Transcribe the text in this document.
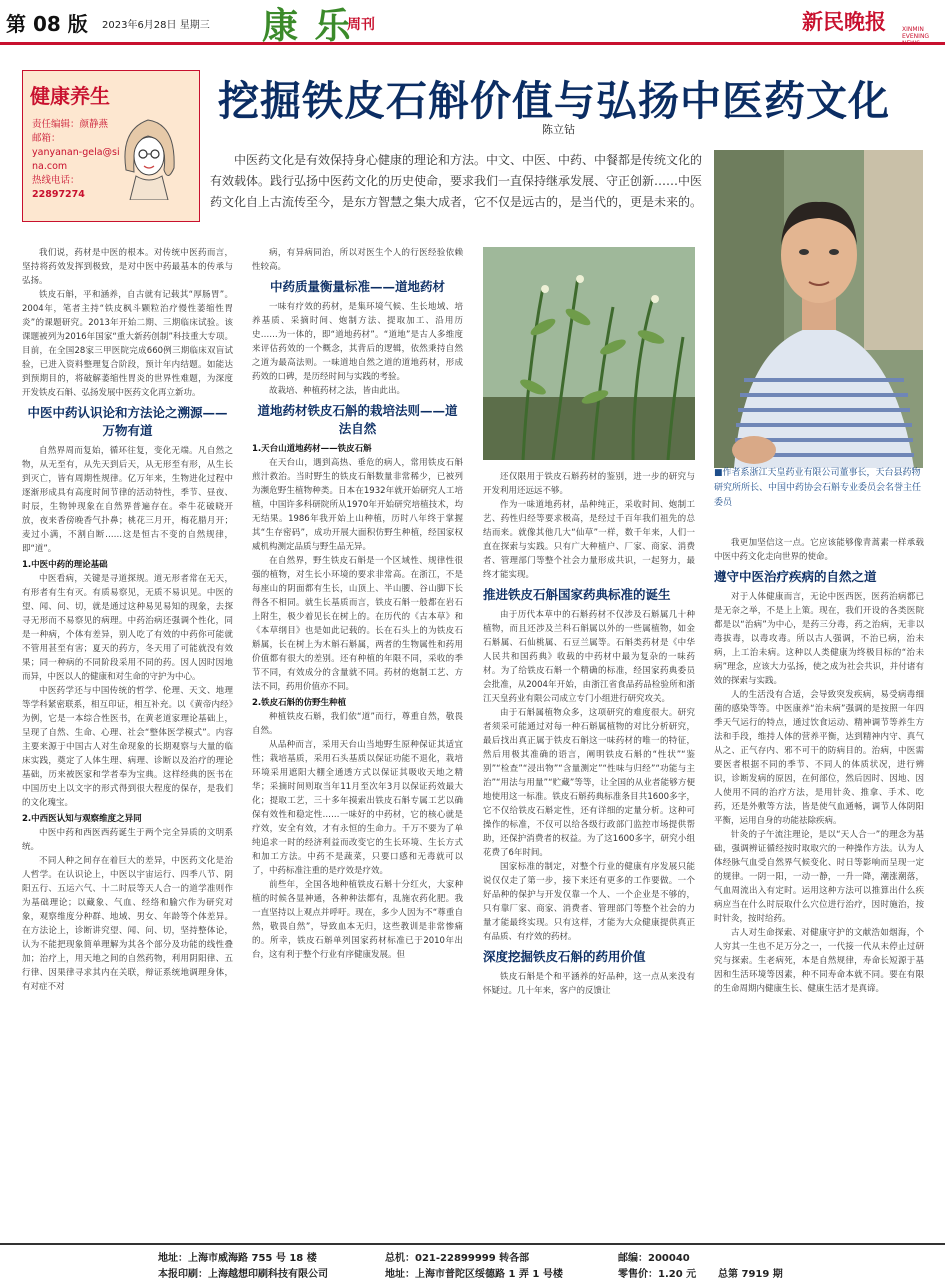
第 08 版 2023年6月28日 星期三 康 乐
周刊	新民晚报	XINMIN EVENING NEWS
健康养生
责任编辑：颜静燕
邮箱：
yanyanan-gela@sina.com
热线电话：
22897274
挖掘铁皮石斛价值与弘扬中医药文化
陈立钻
中医药文化是有效保持身心健康的理论和方法。中文、中医、中药、中餐都是传统文化的有效载体。践行弘扬中医药文化的历史使命，要求我们一直保持继承发展、守正创新……中医药文化自上古流传至今，是东方智慧之集大成者，它不仅是远古的，是当代的，更是未来的。
■作者系浙江天皇药业有限公司董事长，天台县药物研究所所长、中国中药协会石斛专业委员会名誉主任委员

我们说，药材是中医的根本。对传统中医药而言，坚持将药效发挥到极致，是对中医中药最基本的传承与弘扬。

铁皮石斛，平和涵养，自古就有记载其“厚肠胃”。2004年，笔者主持“铁皮枫斗颗粒治疗慢性萎缩性胃炎”的课题研究。2013年开始二期、三期临床试验。该课题被列为2016年国家“重大新药创制”科技重大专项。目前，在全国28家三甲医院完成660例三期临床双盲试验，已进入资料整理复合阶段，预计年内结题。如能达到预期目的，将破解萎缩性胃炎的世界性难题，为深度开发铁皮石斛、弘扬发展中医药文化再立新功。

中医中药认识论和方法论之溯源——万物有道

自然界周而复始，循环往复，变化无端。凡自然之物，从无至有，从先天到后天，从无形至有形，从生长到灭亡，皆有周期性规律。亿万年来，生物进化过程中逐渐形成具有高度时间节律的活动特性，季节、昼夜、时辰，生物钟现象在自然界普遍存在。牵牛花破晓开放，夜来香傍晚香气扑鼻；桃花三月开，梅花腊月开；麦过小满，不割自断……这是恒古不变的自然规律，即“道”。

1.中医中药的理论基础

中医看病，关键是寻道探规。道无形者常在无天，有形者有生有灭。有质易察见，无质不易识见。中医的望、闻、问、切，就是通过这种易见易知的现象，去探寻无形而不易察见的病理。中药治病还强调个性化，同是一种病，个体有差异，别人吃了有效的中药你可能就不管用甚至有害；夏天的药方，冬天用了可能就没有效果；同一种病的不同阶段采用不同的药。因人因时因地而异，中医以人的健康和对生命的守护为中心。

中医药学还与中国传统的哲学、伦理、天文、地理等学科紧密联系，相互印证，相互补充。以《黄帝内经》为例，它是一本综合性医书，在黄老道家理论基础上，呈现了自然、生命、心理、社会“整体医学模式”。内容主要来源于中国古人对生命现象的长期观察与大量的临床实践，奠定了人体生理、病理、诊断以及治疗的理论基础，历来被医家和学者奉为宝典。这样经典的医书在中国历史上以文字的形式得到很大程度的保存，是我们的文化瑰宝。

2.中西医认知与观察维度之异同

中医中药和西医西药诞生于两个完全异质的文明系统。

不同人种之间存在着巨大的差异，中医药文化是治人哲学。在认识论上，中医以宇宙运行、四季八节、阴阳五行、五运六气、十二时辰等天人合一的道学准则作为基础理论；以藏象、气血、经络和腧穴作为研究对象，观察维度分种群、地域、男女、年龄等个体差异。在方法论上，诊断讲究望、闻、问、切，坚持整体论，认为不能把现象简单理解为其各个部分及功能的线性叠加；治疗上，用天地之间的自然药物，利用阴阳律、五行律、因果律寻求其内在关联，辩证系统地调理身体，有对症不对

病，有异病同治，所以对医生个人的行医经验依赖性较高。

中药质量衡量标准——道地药材

一味有疗效的药材，是集环境气候、生长地域、培养基质、采摘时间、炮制方法、提取加工、沿用历史……为一体的，即“道地药材”。“道地”是古人多维度来评估药效的一个概念，其背后的逻辑，依然秉持自然之道为最高法则。一味道地自然之道的道地药材，形成药效的口碑，是历经时间与实践的考验。

故栽培、种植药材之法，皆由此出。

道地药材铁皮石斛的栽培法则——道法自然
1.天台山道地药材——铁皮石斛

在天台山，遇到高热、垂危的病人，常用铁皮石斛煎汁救治。当时野生的铁皮石斛数量非常稀少，已被列为濒危野生植物种类。日本在1932年就开始研究人工培植，中国许多科研院所从1970年开始研究培植技术，均无结果。1986年我开始上山种植，历时八年终于掌握其“生存密码”，成功开展大面积仿野生种植，经国家权威机构测定品质与野生品无异。

在自然界，野生铁皮石斛是一个区域性、规律性很强的植物，对生长小环境的要求非常高。在浙江，不是每座山的阴面都有生长，山顶上、半山腰、谷山脚下长得各不相同。就生长基质而言，铁皮石斛一般都在岩石上附生，极少着见长在树上的。在历代的《古本草》和《本草纲目》也是如此记载的。长在石头上的为铁皮石斛属，长在树上为木斛石斛属，两者的生物属性和药用价值都有很大的差别。还有种植的年限不同，采收的季节不同，有效成分的含量就不同。药材的炮制工艺、方法不同，药用价值亦不同。

2.铁皮石斛的仿野生种植

种植铁皮石斛，我们依“道”而行，尊重自然，敬畏自然。

从品种而言，采用天台山当地野生原种保证其适宜性；栽培基质，采用石头基质以保证功能不退化，栽培环境采用遮阳大棚全通透方式以保证其吸收天地之精华；采摘时间则取当年11月至次年3月以保证药效最大化；提取工艺，三十多年摸索出铁皮石斛专属工艺以确保有效性和稳定性……一味好的中药材，它的核心就是疗效，安全有效，才有永恒的生命力。千万不要为了单纯追求一时的经济利益而改变它的生长环境、生长方式和加工方法。中药不是蔬菜，只要口感和无毒就可以了，中药标准注重的是疗效是疗效。

前些年，全国各地种植铁皮石斛十分红火，大家种植的时候各显神通，各种种法都有，乱施农药化肥。我一直坚持以上观点并呼吁。现在，多少人因为不“尊重自然，敬畏自然”，导致血本无归，这些教训是非常惨痛的。所幸，铁皮石斛单列国家药材标准已于2010年出台，这有利于整个行业有序健康发展。但

还仅限用于铁皮石斛药材的鉴别，进一步的研究与开发利用还远远不够。

作为一味道地药材，品种纯正，采收时间、炮制工艺、药性归经等要求极高，是经过千百年我们祖先的总结而来。就像其他几大“仙草”一样，数千年来，人们一直在探索与实践。只有广大种植户、厂家、商家、消费者、管理部门等整个社会力量形成共识，一起努力，最终才能实现。

推进铁皮石斛国家药典标准的诞生

由于历代本草中的石斛药材不仅涉及石斛属几十种植物，而且还涉及兰科石斛属以外的一些属植物，如金石斛属、石仙桃属、石豆兰属等。石斛类药材是《中华人民共和国药典》收载的中药材中最为复杂的一味药材。为了给铁皮石斛一个精确的标准，经国家药典委员会批准，从2004年开始，由浙江省食品药品检验所和浙江天皇药业有限公司成立专门小组进行研究攻关。

由于石斛属植物众多，这项研究的难度很大。研究者须采可能通过对每一种石斛属植物的对比分析研究，最后找出真正属于铁皮石斛这一味药材的唯一的特征，然后用极其准确的语言，阐明铁皮石斛的“性状”“鉴别”“检查”“浸出物”“含量测定”“性味与归经”“功能与主治”“用法与用量”“贮藏”等等，让全国的从业者能够方便地使用这一标准。铁皮石斛药典标准条目共1600多字，它不仅给铁皮石斛定性，还有详细的定量分析。这种可操作的标准，不仅可以给各级行政部门监控市场提供帮助，还保护消费者的权益。为了这1600多字，研究小组花费了6年时间。

国家标准的制定，对整个行业的健康有序发展只能说仅仅走了第一步，接下来还有更多的工作要做。一个好品种的保护与开发仅靠一个人、一个企业是不够的，只有靠厂家、商家、消费者、管理部门等整个社会的力量才能最终实现。只有这样，才能为大众健康提供真正有品质、有疗效的药材。

深度挖掘铁皮石斛的药用价值

铁皮石斛是个和平涵养的好品种，这一点从来没有怀疑过。几十年来，客户的反馈让

我更加坚信这一点。它应该能够像青蒿素一样承载中医中药文化走向世界的使命。

遵守中医治疗疾病的自然之道

对于人体健康而言，无论中医西医，医药治病都已是无奈之举，不是上上策。现在，我们开设的各类医院都是以“治病”为中心，是药三分毒，药之治病，无非以毒拔毒，以毒攻毒。所以古人强调，不治已病，治未病，上工治未病。这种以人类健康为终极目标的“治未病”理念，应该大力弘扬，使之成为社会共识，并付诸有效的探索与实践。

人的生活没有合适，会导致突发疾病，易受病毒细菌的感染等等。中医康养“治未病”强调的是按照一年四季天气运行的特点，通过饮食运动、精神调节等养生方法和手段，维持人体的营养平衡，达到精神内守、真气从之、正气存内、邪不可干的防病目的。治病，中医需要医者根据不同的季节、不同人的体质状况，进行辨识，诊断发病的原因，在何部位，然后因时、因地、因人使用不同的治疗方法，是用针灸、推拿、手术、吃药，还是外敷等方法，皆是使气血通畅，调节人体阴阳平衡，运用自身的功能祛除疾病。

针灸的子午流注理论，是以“天人合一”的理念为基础，强调辨证循经按时取取穴的一种操作方法。认为人体经脉气血受自然界气候变化、时日等影响而呈现一定的规律。一阴一阳，一动一静，一升一降，潮涨潮落，气血周流出入有定时。运用这种方法可以推算出什么疾病应当在什么时辰取什么穴位进行治疗，因时施治，按时针灸，按时给药。

古人对生命探索、对健康守护的文献浩如烟海，个人穷其一生也不足万分之一，一代接一代从未停止过研究与探索。生老病死，本是自然规律，寿命长短源于基因和生活环境等因素，种不同寿命本就不同。要在有限的生命周期内健康生长、健康生活才是真谛。

地址：上海市威海路 755 号 18 楼	总机：021-22899999 转各部	邮编：200040
本报印刷：上海越想印刷科技有限公司	地址：上海市普陀区绥德路 1 弄 1 号楼	零售价：1.20 元 总第 7919 期
